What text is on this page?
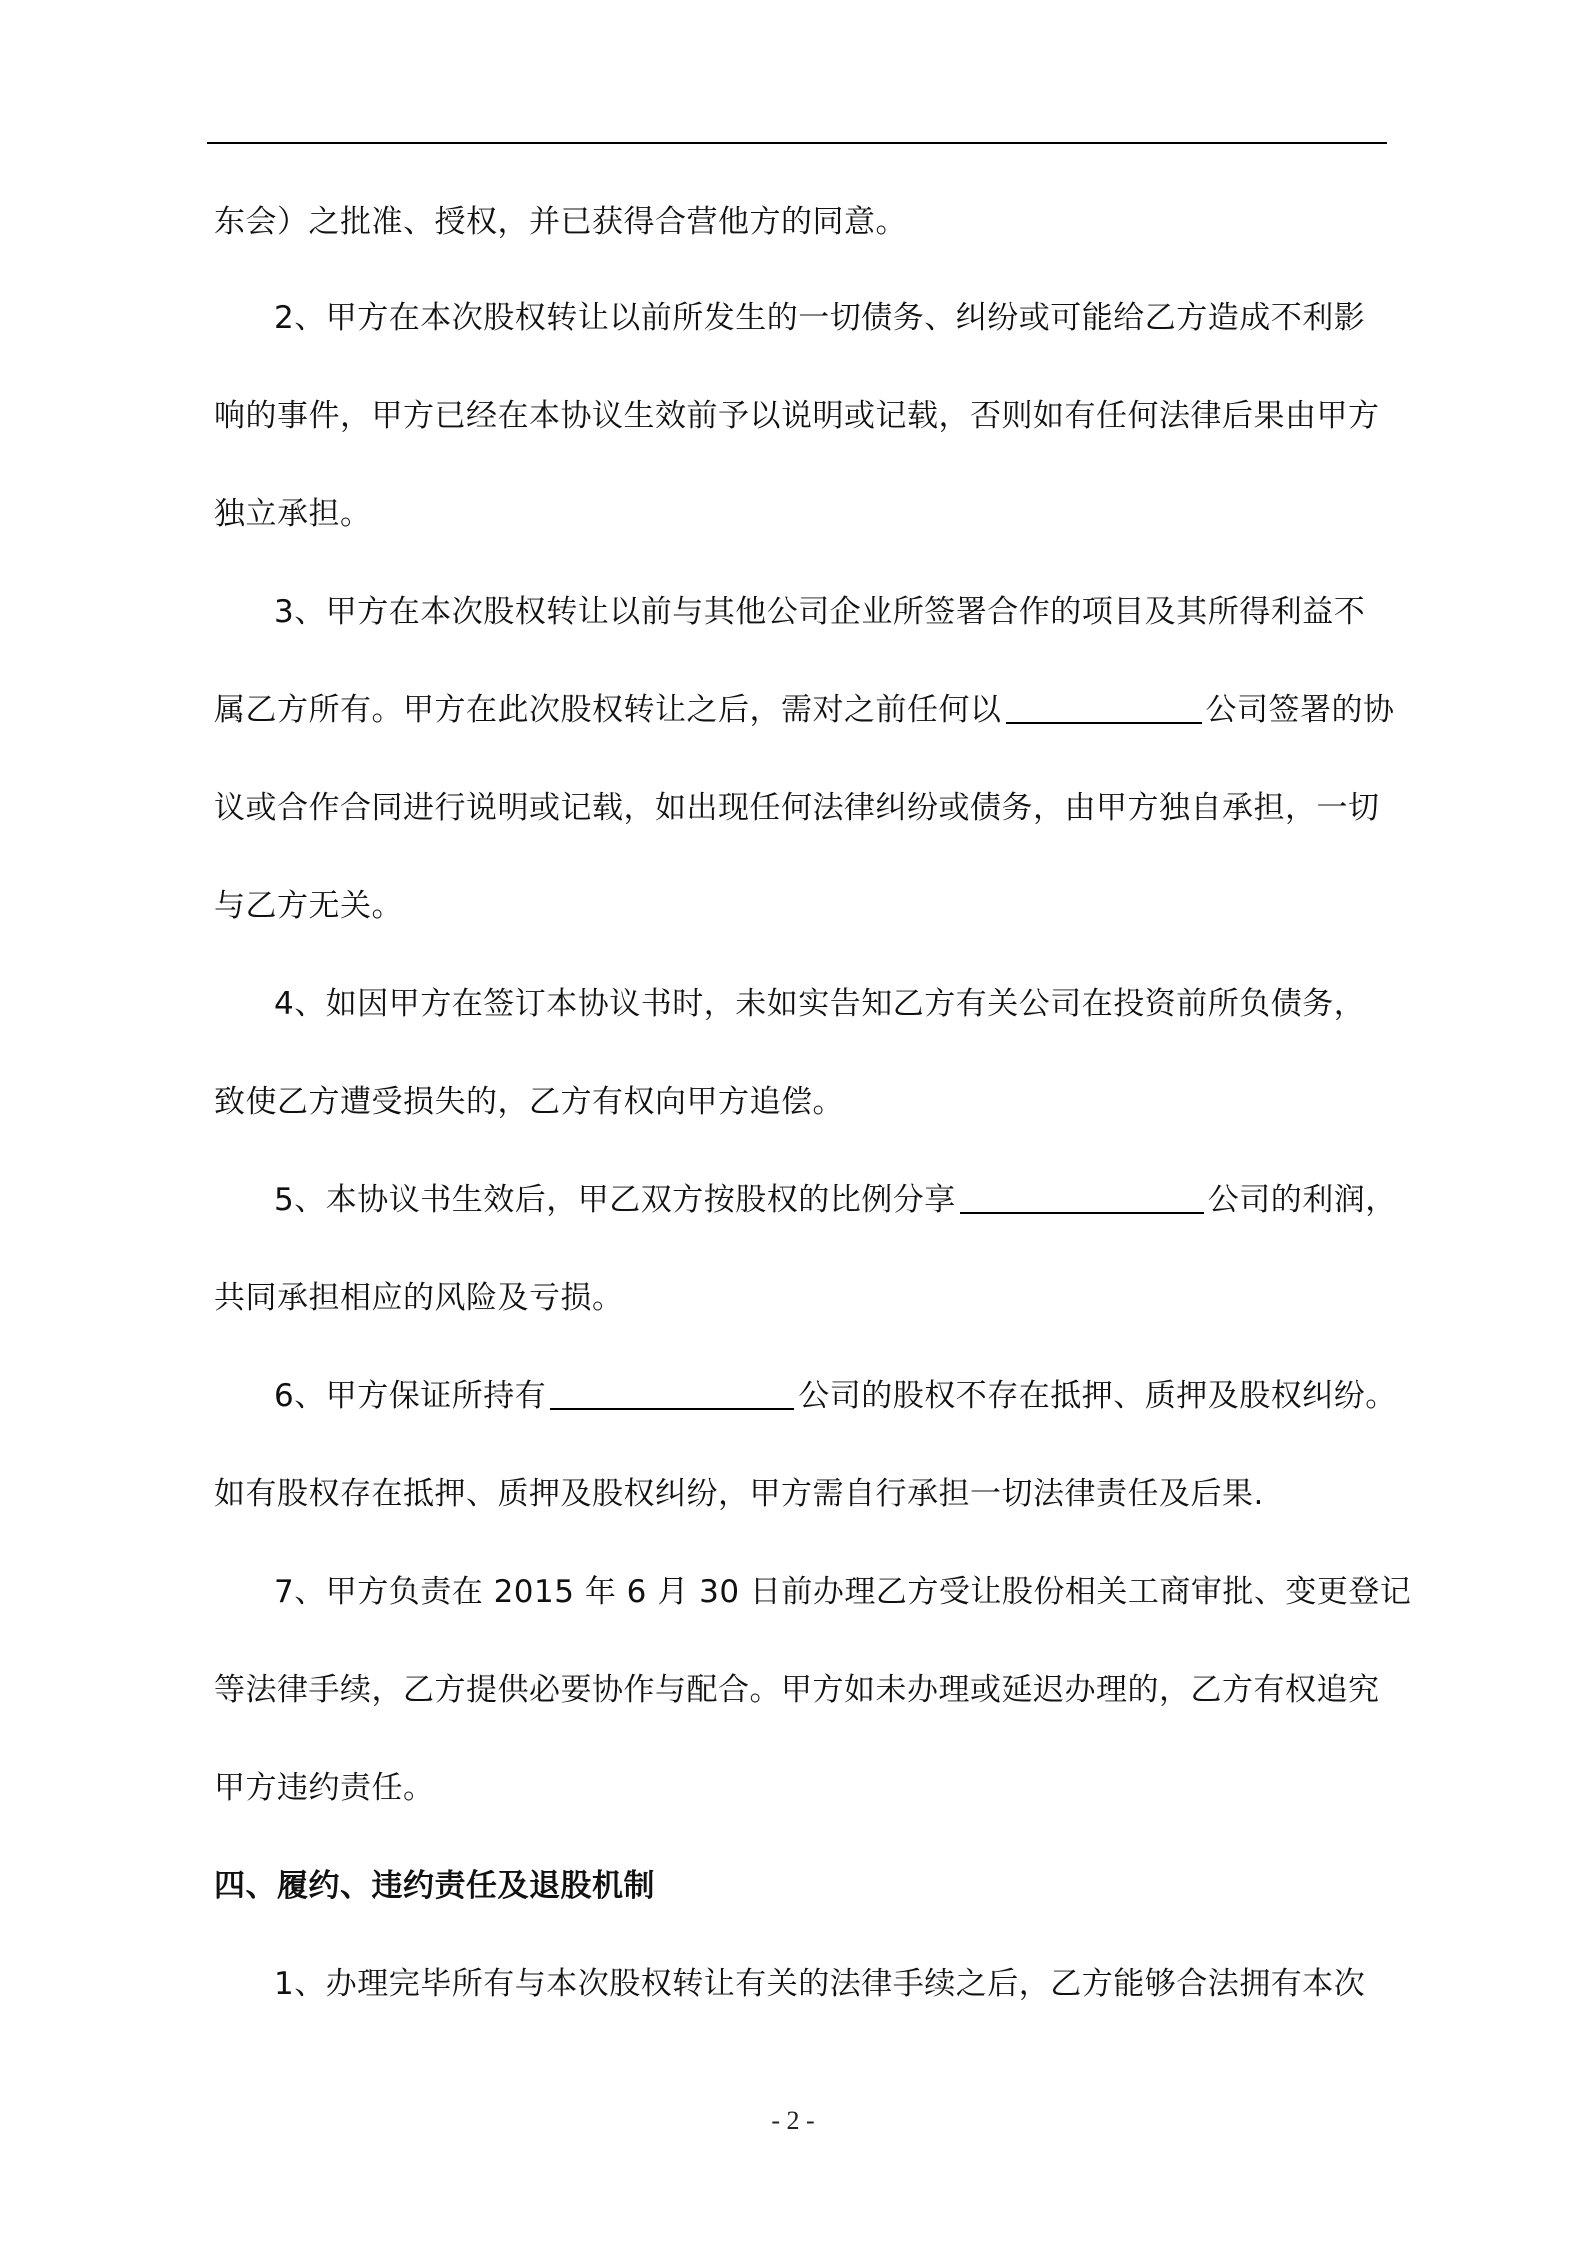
东会）之批准、授权，并已获得合营他方的同意。
2、甲方在本次股权转让以前所发生的一切债务、纠纷或可能给乙方造成不利影
响的事件，甲方已经在本协议生效前予以说明或记载，否则如有任何法律后果由甲方
独立承担。
3、甲方在本次股权转让以前与其他公司企业所签署合作的项目及其所得利益不
属乙方所有。甲方在此次股权转让之后，需对之前任何以	公司签署的协
议或合作合同进行说明或记载，如出现任何法律纠纷或债务，由甲方独自承担，一切
与乙方无关。
4、如因甲方在签订本协议书时，未如实告知乙方有关公司在投资前所负债务，
致使乙方遭受损失的，乙方有权向甲方追偿。
5、本协议书生效后，甲乙双方按股权的比例分享	公司的利润，
共同承担相应的风险及亏损。
6、甲方保证所持有	公司的股权不存在抵押、质押及股权纠纷。
如有股权存在抵押、质押及股权纠纷，甲方需自行承担一切法律责任及后果.
7、甲方负责在 2015 年 6 月 30 日前办理乙方受让股份相关工商审批、变更登记
等法律手续，乙方提供必要协作与配合。甲方如未办理或延迟办理的，乙方有权追究
甲方违约责任。
四、履约、违约责任及退股机制
1、办理完毕所有与本次股权转让有关的法律手续之后，乙方能够合法拥有本次
- 2 -
